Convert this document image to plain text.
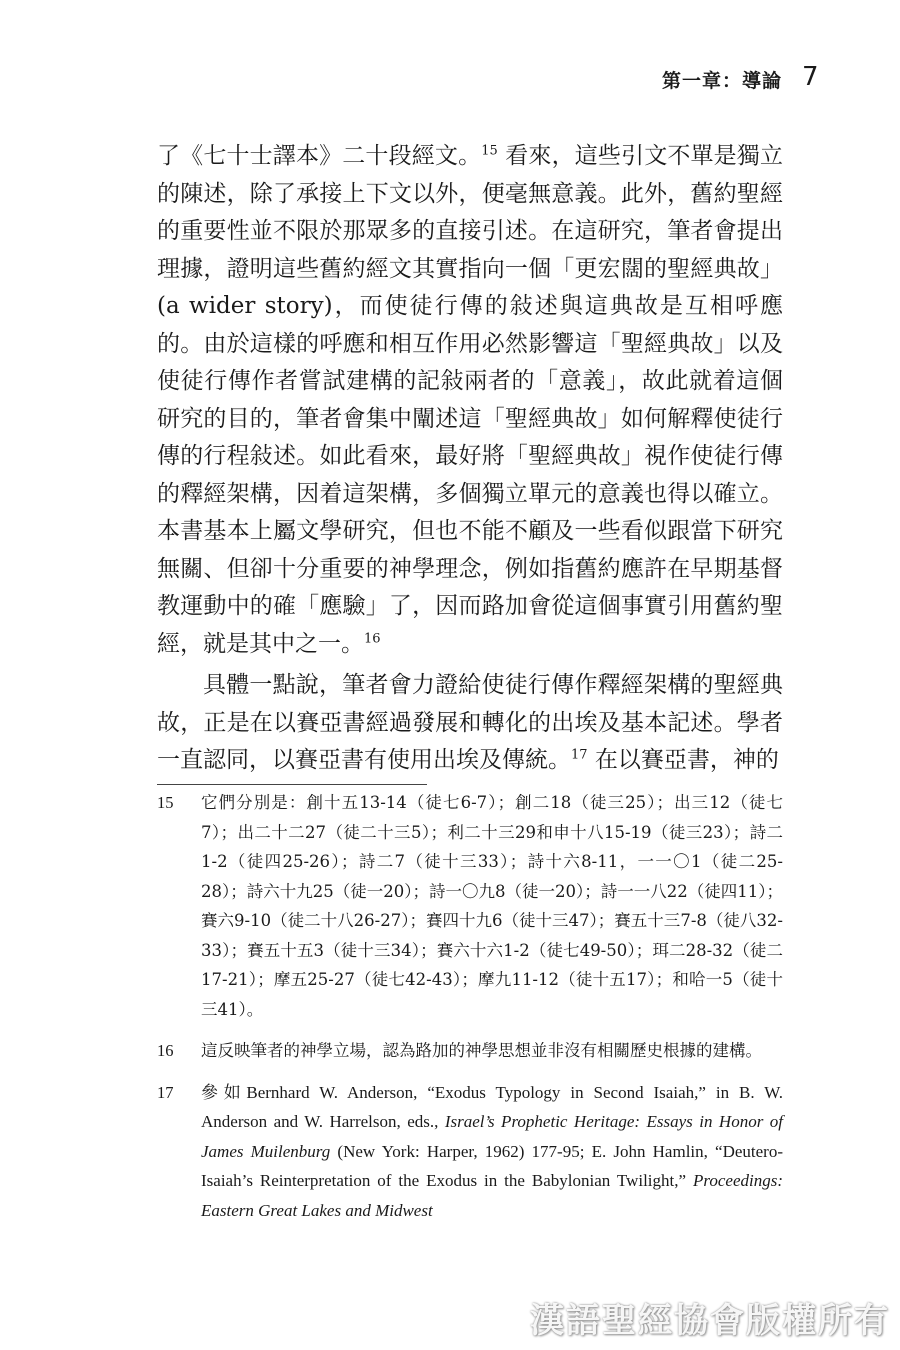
第一章：導論 7

了《七十士譯本》二十段經文。$^{15}$ 看來，這些引文不單是獨立的陳述，除了承接上下文以外，便毫無意義。此外，舊約聖經的重要性並不限於那眾多的直接引述。在這研究，筆者會提出理據，證明這些舊約經文其實指向一個「更宏闊的聖經典故」(a wider story)，而使徒行傳的敍述與這典故是互相呼應的。由於這樣的呼應和相互作用必然影響這「聖經典故」以及使徒行傳作者嘗試建構的記敍兩者的「意義」，故此就着這個研究的目的，筆者會集中闡述這「聖經典故」如何解釋使徒行傳的行程敍述。如此看來，最好將「聖經典故」視作使徒行傳的釋經架構，因着這架構，多個獨立單元的意義也得以確立。本書基本上屬文學研究，但也不能不顧及一些看似跟當下研究無關、但卻十分重要的神學理念，例如指舊約應許在早期基督教運動中的確「應驗」了，因而路加會從這個事實引用舊約聖經，就是其中之一。$^{16}$

具體一點說，筆者會力證給使徒行傳作釋經架構的聖經典故，正是在以賽亞書經過發展和轉化的出埃及基本記述。學者一直認同，以賽亞書有使用出埃及傳統。$^{17}$ 在以賽亞書，神的

15	它們分別是：創十五13-14（徒七6-7）；創二18（徒三25）；出三12（徒七7）；出二十二27（徒二十三5）；利二十三29和申十八15-19（徒三23）；詩二1-2（徒四25-26）；詩二7（徒十三33）；詩十六8-11，一一〇1（徒二25-28）；詩六十九25（徒一20）；詩一〇九8（徒一20）；詩一一八22（徒四11）；賽六9-10（徒二十八26-27）；賽四十九6（徒十三47）；賽五十三7-8（徒八32-33）；賽五十五3（徒十三34）；賽六十六1-2（徒七49-50）；珥二28-32（徒二17-21）；摩五25-27（徒七42-43）；摩九11-12（徒十五17）；和哈一5（徒十三41）。
16	這反映筆者的神學立場，認為路加的神學思想並非沒有相關歷史根據的建構。
17	參如Bernhard W. Anderson, “Exodus Typology in Second Isaiah,” in B. W. Anderson and W. Harrelson, eds., Israel’s Prophetic Heritage: Essays in Honor of James Muilenburg (New York: Harper, 1962) 177-95; E. John Hamlin, “Deutero-Isaiah’s Reinterpretation of the Exodus in the Babylonian Twilight,” Proceedings: Eastern Great Lakes and Midwest
漢語聖經協會版權所有
